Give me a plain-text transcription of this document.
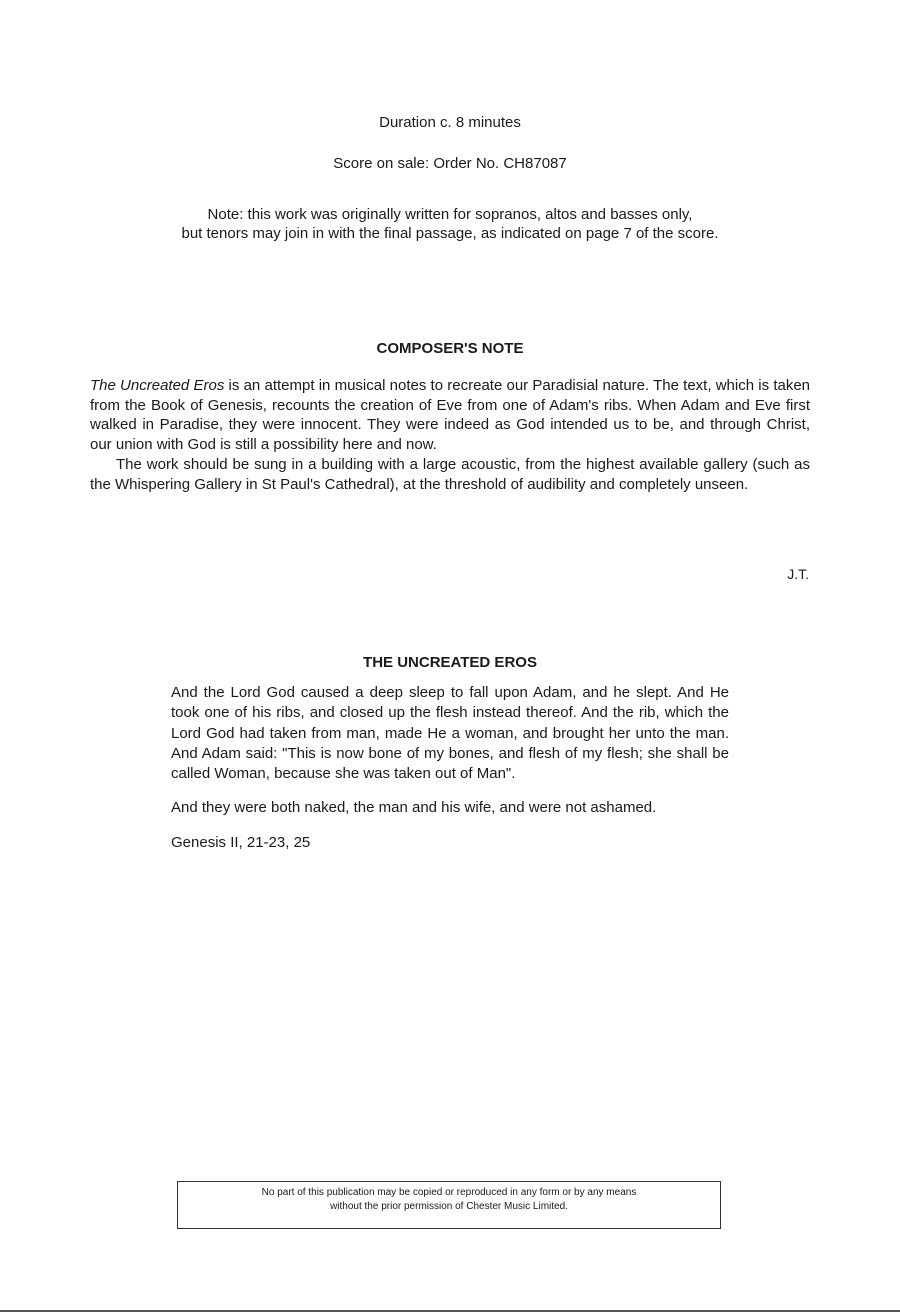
Duration c. 8 minutes
Score on sale: Order No. CH87087
Note: this work was originally written for sopranos, altos and basses only,
but tenors may join in with the final passage, as indicated on page 7 of the score.
COMPOSER'S NOTE

The Uncreated Eros is an attempt in musical notes to recreate our Paradisial nature. The text, which is taken from the Book of Genesis, recounts the creation of Eve from one of Adam's ribs. When Adam and Eve first walked in Paradise, they were innocent. They were indeed as God intended us to be, and through Christ, our union with God is still a possibility here and now.

The work should be sung in a building with a large acoustic, from the highest available gallery (such as the Whispering Gallery in St Paul's Cathedral), at the threshold of audibility and completely unseen.

J.T.
THE UNCREATED EROS

And the Lord God caused a deep sleep to fall upon Adam, and he slept. And He took one of his ribs, and closed up the flesh instead thereof. And the rib, which the Lord God had taken from man, made He a woman, and brought her unto the man. And Adam said: "This is now bone of my bones, and flesh of my flesh; she shall be called Woman, because she was taken out of Man".

And they were both naked, the man and his wife, and were not ashamed.

Genesis II, 21-23, 25

No part of this publication may be copied or reproduced in any form or by any means
without the prior permission of Chester Music Limited.
